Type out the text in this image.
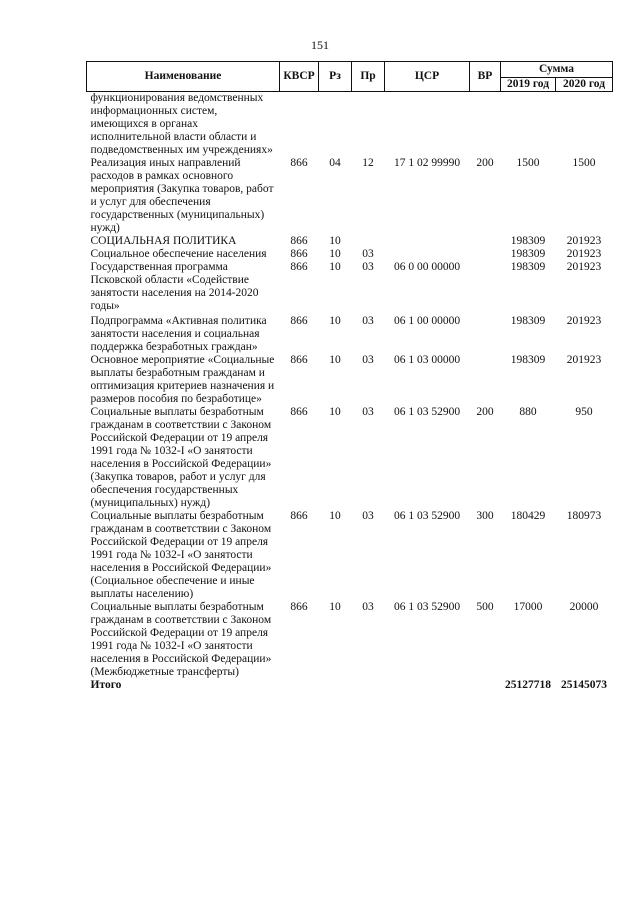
151
Наименование	КВСР	Рз	Пр	ЦСР	ВР	Сумма	
						2019 год	2020 год
функционирования ведомственных информационных систем, имеющихся в органах исполнительной власти области и подведомственных им учреждениях»							
Реализация иных направлений расходов в рамках основного мероприятия (Закупка товаров, работ и услуг для обеспечения государственных (муниципальных) нужд)	866	04	12	17 1 02 99990	200	1500	1500
СОЦИАЛЬНАЯ ПОЛИТИКА	866	10				198309	201923
Социальное обеспечение населения	866	10	03			198309	201923
Государственная программа Псковской области «Содействие занятости населения на 2014-2020 годы»	866	10	03	06 0 00 00000		198309	201923

Подпрограмма «Активная политика занятости населения и социальная поддержка безработных граждан»	866	10	03	06 1 00 00000		198309	201923
Основное мероприятие «Социальные выплаты безработным гражданам и оптимизация критериев назначения и размеров пособия по безработице»	866	10	03	06 1 03 00000		198309	201923
Социальные выплаты безработным гражданам в соответствии с Законом Российской Федерации от 19 апреля 1991 года № 1032-I «О занятости населения в Российской Федерации» (Закупка товаров, работ и услуг для обеспечения государственных (муниципальных) нужд)	866	10	03	06 1 03 52900	200	880	950
Социальные выплаты безработным гражданам в соответствии с Законом Российской Федерации от 19 апреля 1991 года № 1032-I «О занятости населения в Российской Федерации» (Социальное обеспечение и иные выплаты населению)	866	10	03	06 1 03 52900	300	180429	180973
Социальные выплаты безработным гражданам в соответствии с Законом Российской Федерации от 19 апреля 1991 года № 1032-I «О занятости населения в Российской Федерации» (Межбюджетные трансферты)	866	10	03	06 1 03 52900	500	17000	20000
Итого						25127718	25145073
